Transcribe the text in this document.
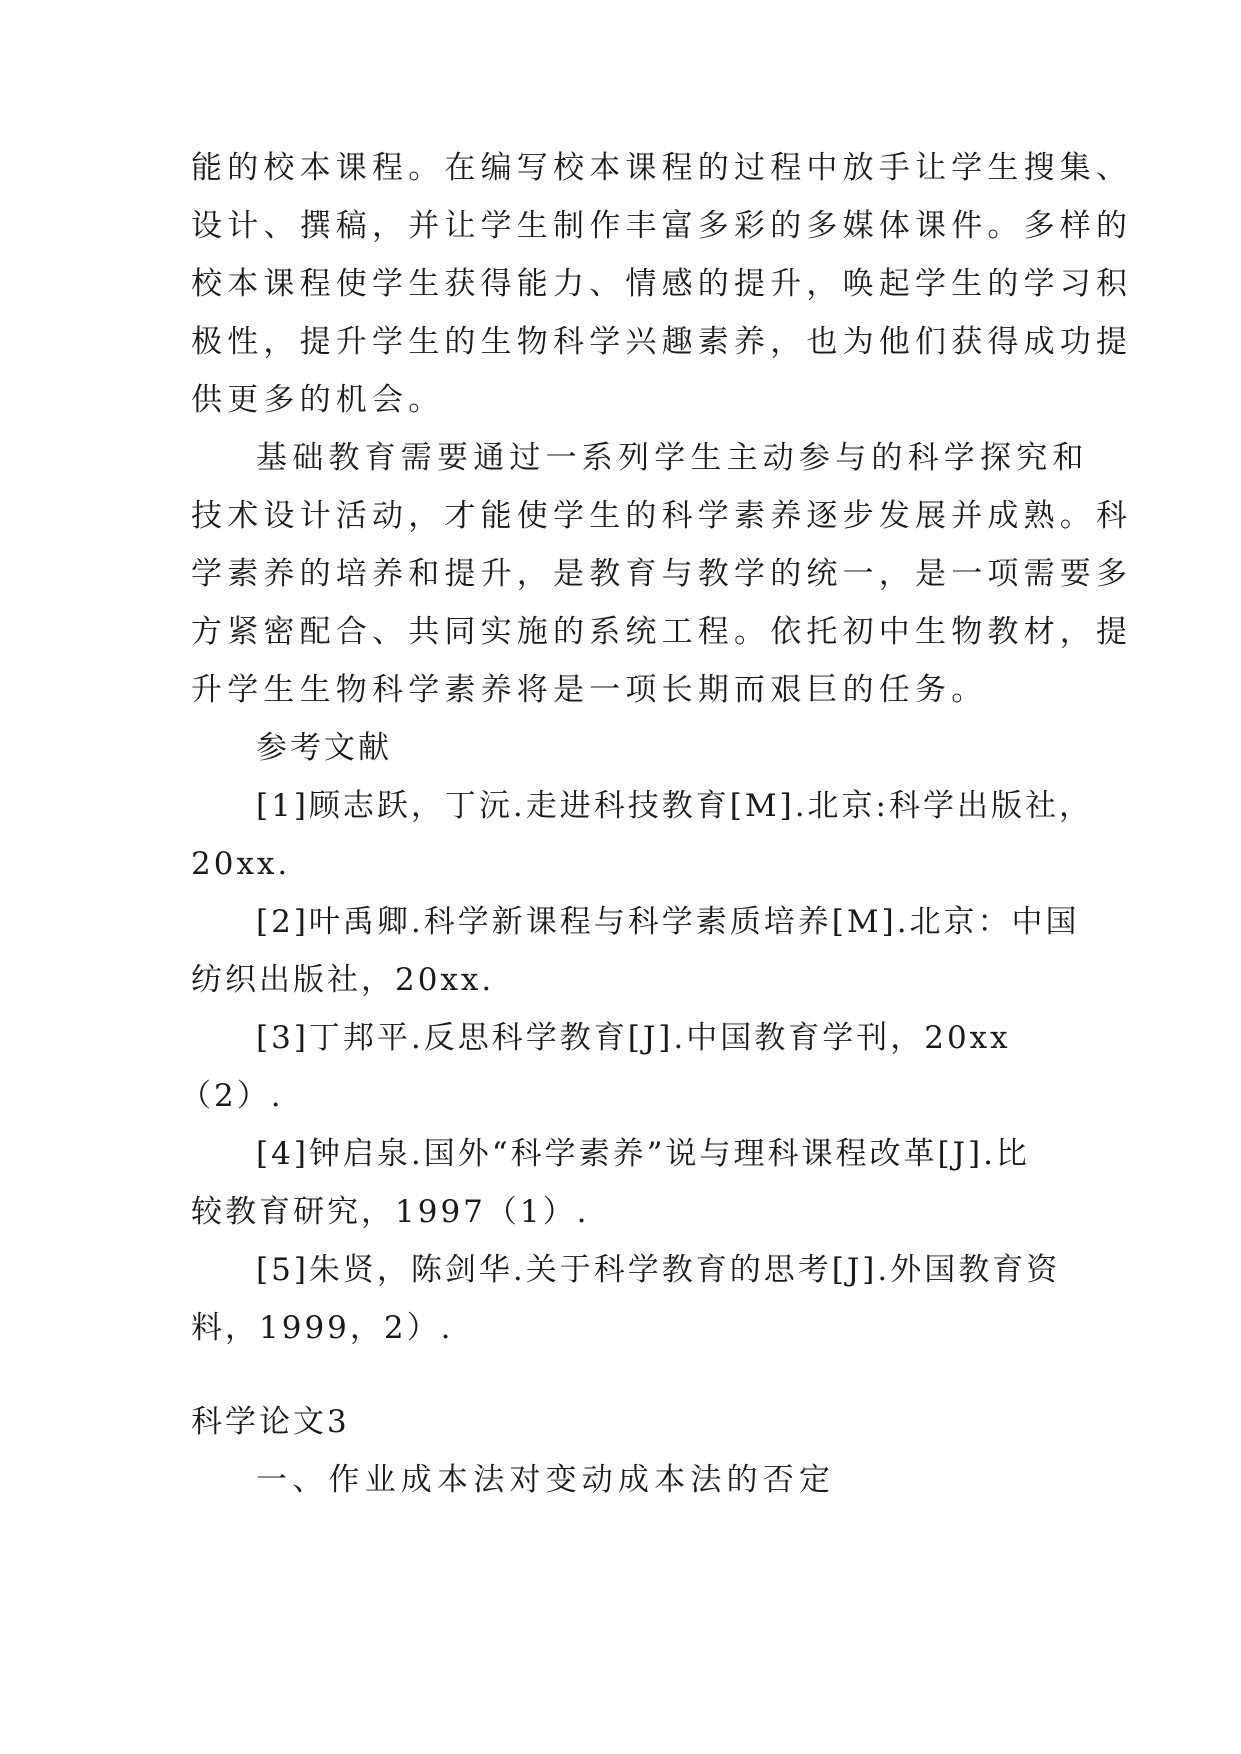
能的校本课程。在编写校本课程的过程中放手让学生搜集、
设计、撰稿，并让学生制作丰富多彩的多媒体课件。多样的
校本课程使学生获得能力、情感的提升，唤起学生的学习积
极性，提升学生的生物科学兴趣素养，也为他们获得成功提
供更多的机会。
基础教育需要通过一系列学生主动参与的科学探究和
技术设计活动，才能使学生的科学素养逐步发展并成熟。科
学素养的培养和提升，是教育与教学的统一，是一项需要多
方紧密配合、共同实施的系统工程。依托初中生物教材，提
升学生生物科学素养将是一项长期而艰巨的任务。
参考文献
[1]顾志跃，丁沅.走进科技教育[M].北京:科学出版社，
20xx.
[2]叶禹卿.科学新课程与科学素质培养[M].北京：中国
纺织出版社，20xx.
[3]丁邦平.反思科学教育[J].中国教育学刊，20xx
（2）.
[4]钟启泉.国外“科学素养”说与理科课程改革[J].比
较教育研究，1997（1）.
[5]朱贤，陈剑华.关于科学教育的思考[J].外国教育资
料，1999，2）.
科学论文3
一、作业成本法对变动成本法的否定
